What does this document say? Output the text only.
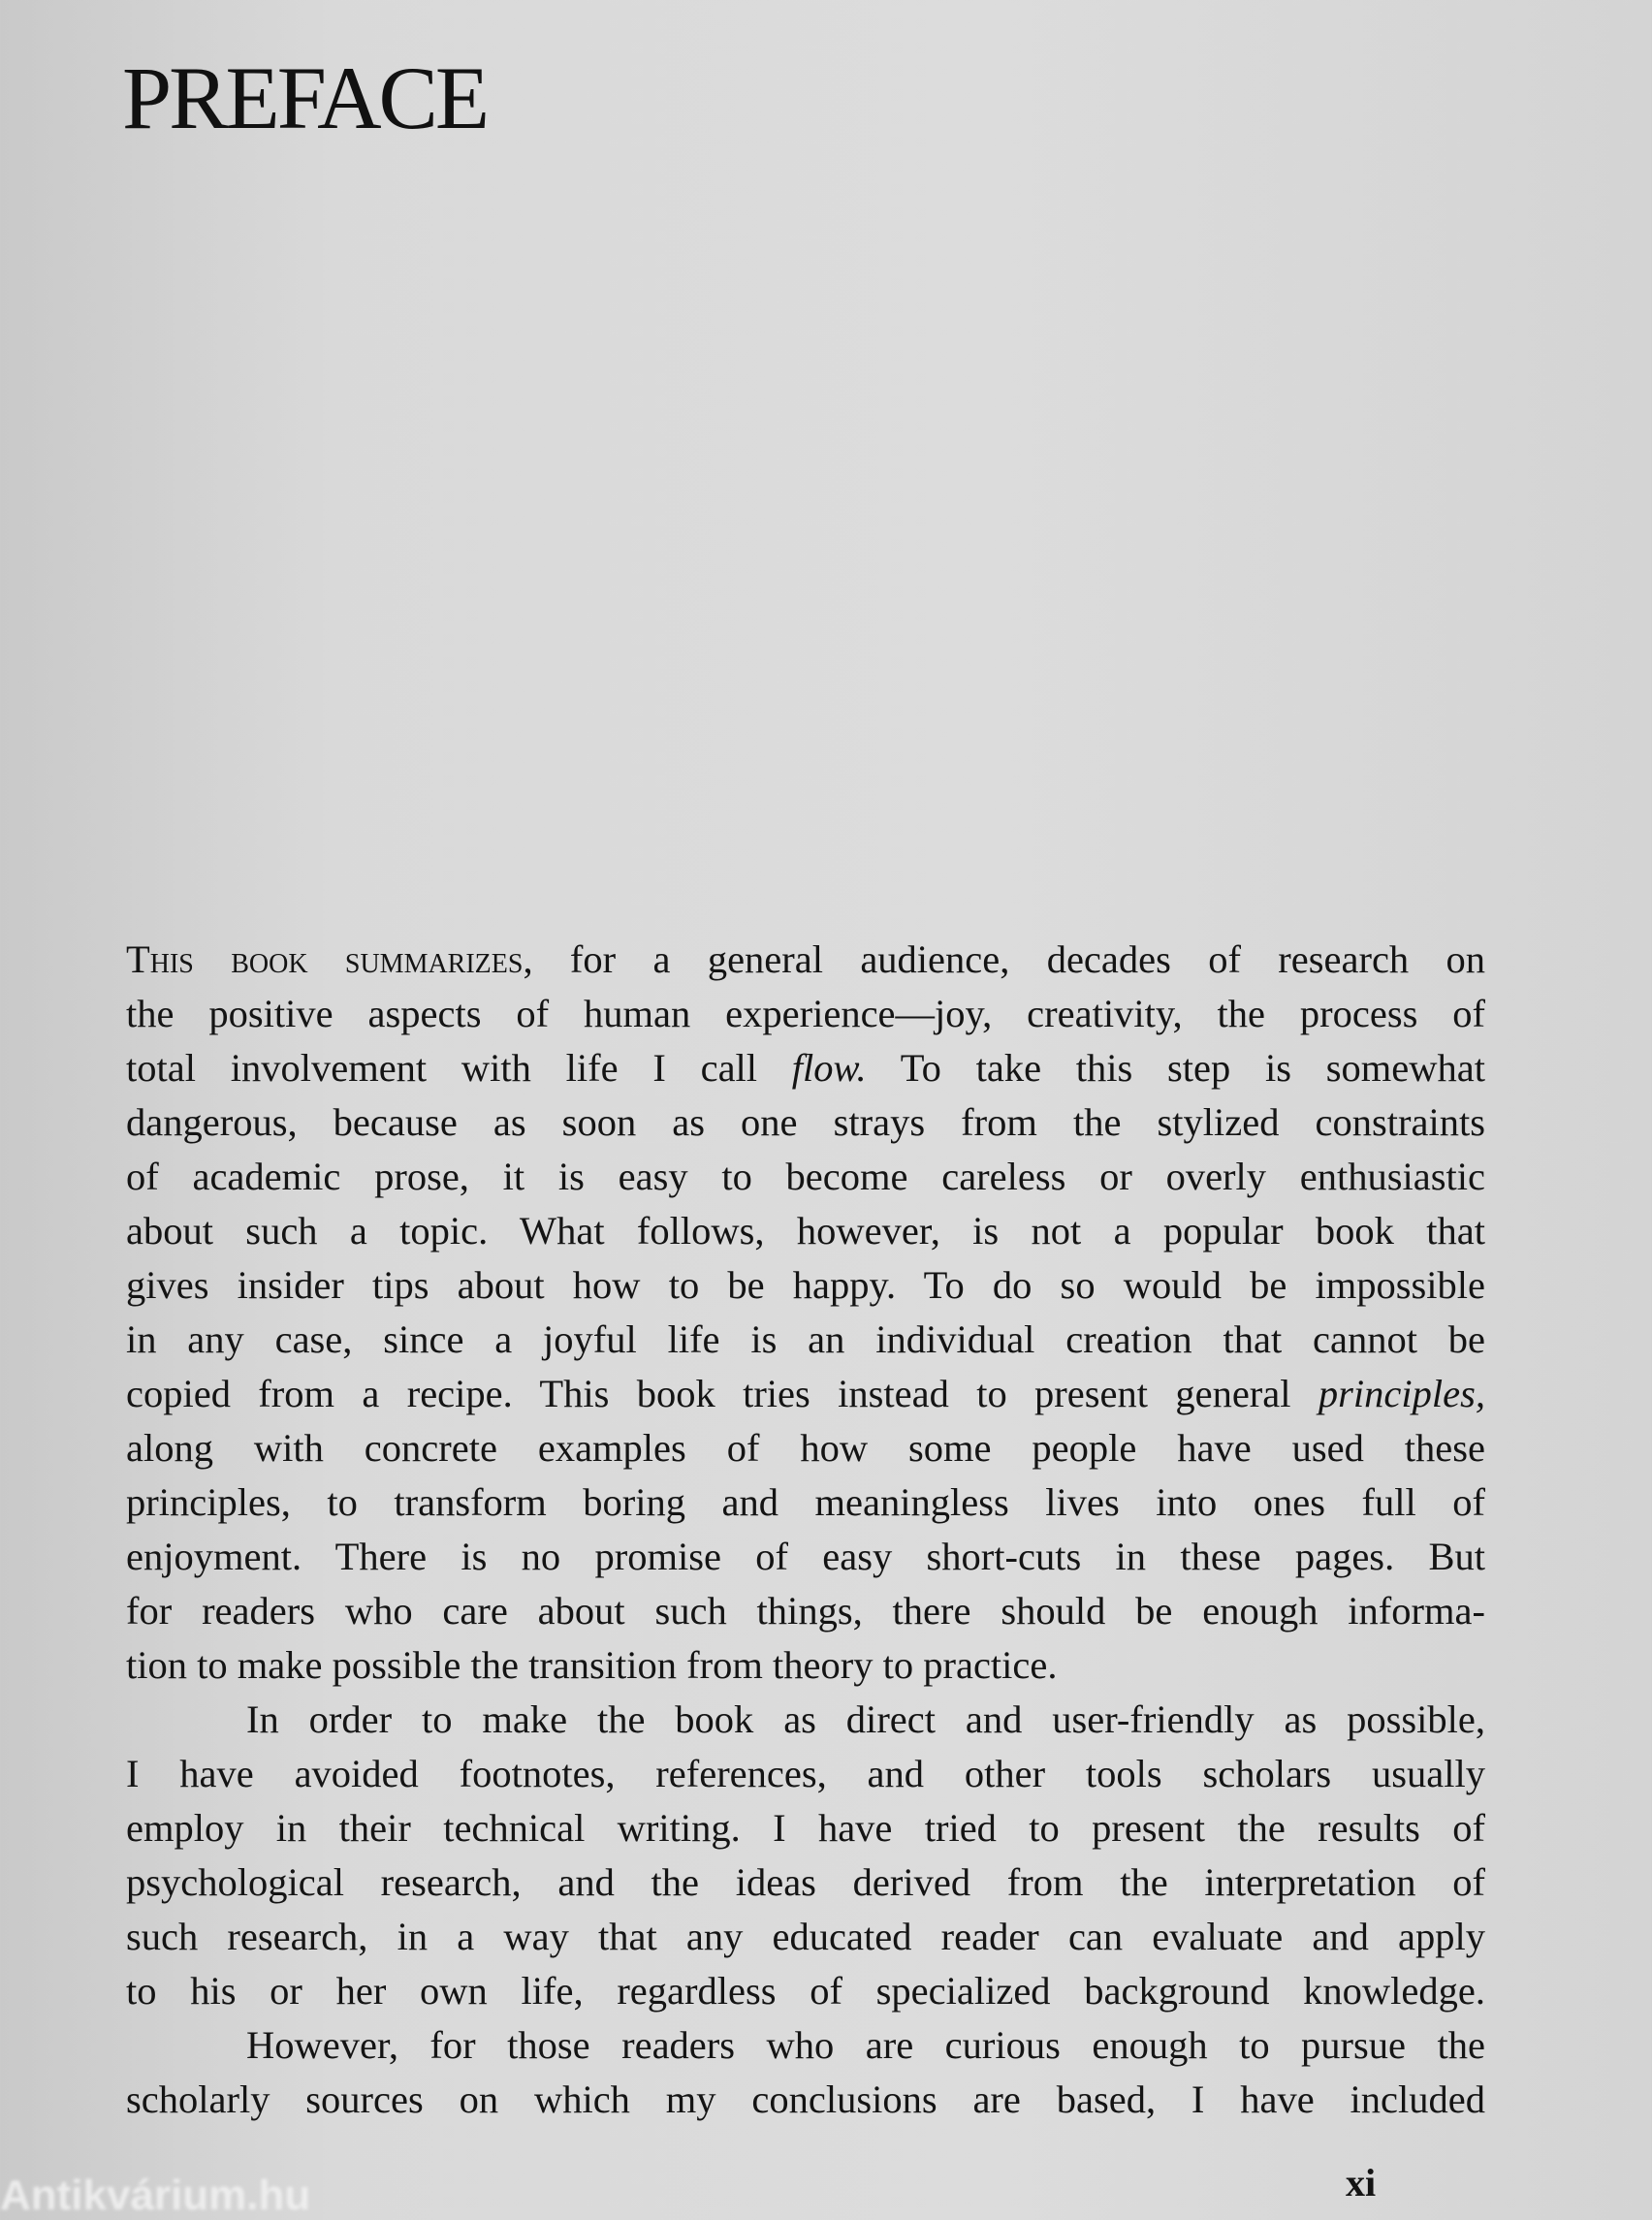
PREFACE
This book summarizes, for a general audience, decades of research on
the positive aspects of human experience—joy, creativity, the process of
total involvement with life I call flow. To take this step is somewhat
dangerous, because as soon as one strays from the stylized constraints
of academic prose, it is easy to become careless or overly enthusiastic
about such a topic. What follows, however, is not a popular book that
gives insider tips about how to be happy. To do so would be impossible
in any case, since a joyful life is an individual creation that cannot be
copied from a recipe. This book tries instead to present general principles,
along with concrete examples of how some people have used these
principles, to transform boring and meaningless lives into ones full of
enjoyment. There is no promise of easy short-cuts in these pages. But
for readers who care about such things, there should be enough informa-
tion to make possible the transition from theory to practice.
In order to make the book as direct and user-friendly as possible,
I have avoided footnotes, references, and other tools scholars usually
employ in their technical writing. I have tried to present the results of
psychological research, and the ideas derived from the interpretation of
such research, in a way that any educated reader can evaluate and apply
to his or her own life, regardless of specialized background knowledge.
However, for those readers who are curious enough to pursue the
scholarly sources on which my conclusions are based, I have included
xi
Antikvárium.hu
